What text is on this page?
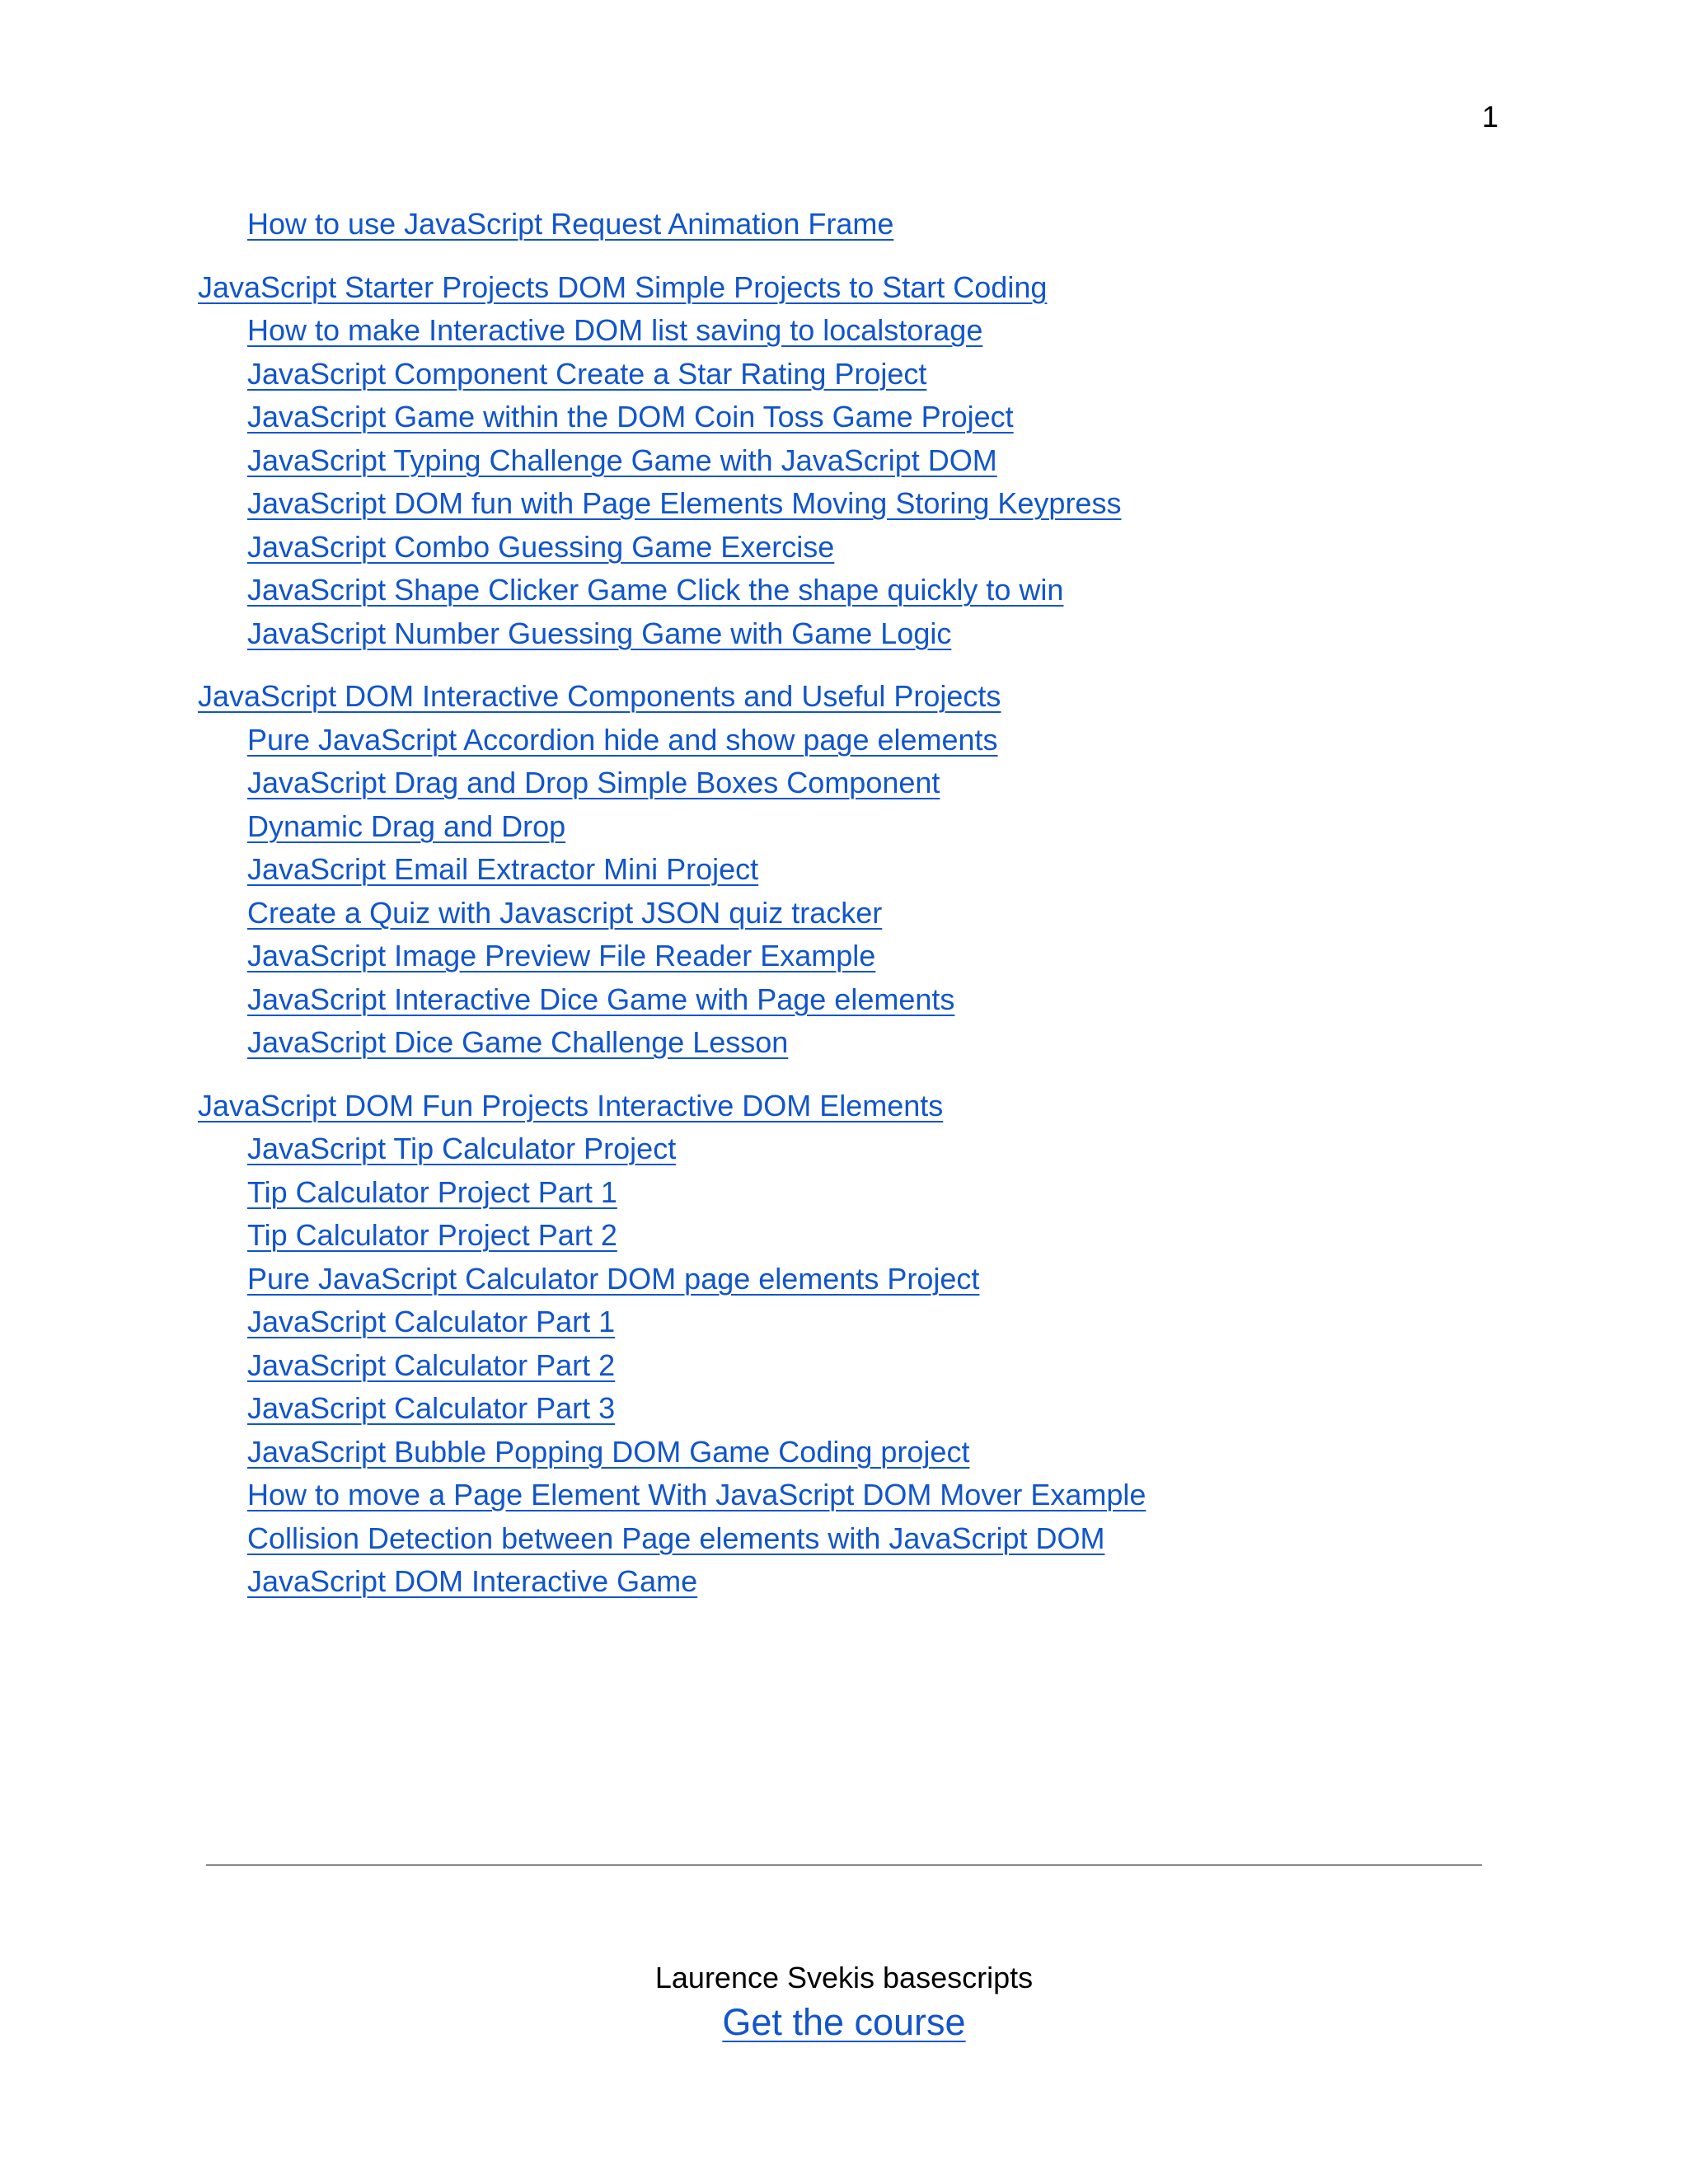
1
How to use JavaScript Request Animation Frame
JavaScript Starter Projects DOM Simple Projects to Start Coding
How to make Interactive DOM list saving to localstorage
JavaScript Component Create a Star Rating Project
JavaScript Game within the DOM Coin Toss Game Project
JavaScript Typing Challenge Game with JavaScript DOM
JavaScript DOM fun with Page Elements Moving Storing Keypress
JavaScript Combo Guessing Game Exercise
JavaScript Shape Clicker Game Click the shape quickly to win
JavaScript Number Guessing Game with Game Logic
JavaScript DOM Interactive Components and Useful Projects
Pure JavaScript Accordion hide and show page elements
JavaScript Drag and Drop Simple Boxes Component
Dynamic Drag and Drop
JavaScript Email Extractor Mini Project
Create a Quiz with Javascript JSON quiz tracker
JavaScript Image Preview File Reader Example
JavaScript Interactive Dice Game with Page elements
JavaScript Dice Game Challenge Lesson
JavaScript DOM Fun Projects Interactive DOM Elements
JavaScript Tip Calculator Project
Tip Calculator Project Part 1
Tip Calculator Project Part 2
Pure JavaScript Calculator DOM page elements Project
JavaScript Calculator Part 1
JavaScript Calculator Part 2
JavaScript Calculator Part 3
JavaScript Bubble Popping DOM Game Coding project
How to move a Page Element With JavaScript DOM Mover Example
Collision Detection between Page elements with JavaScript DOM
JavaScript DOM Interactive Game
Laurence Svekis basescripts
Get the course
